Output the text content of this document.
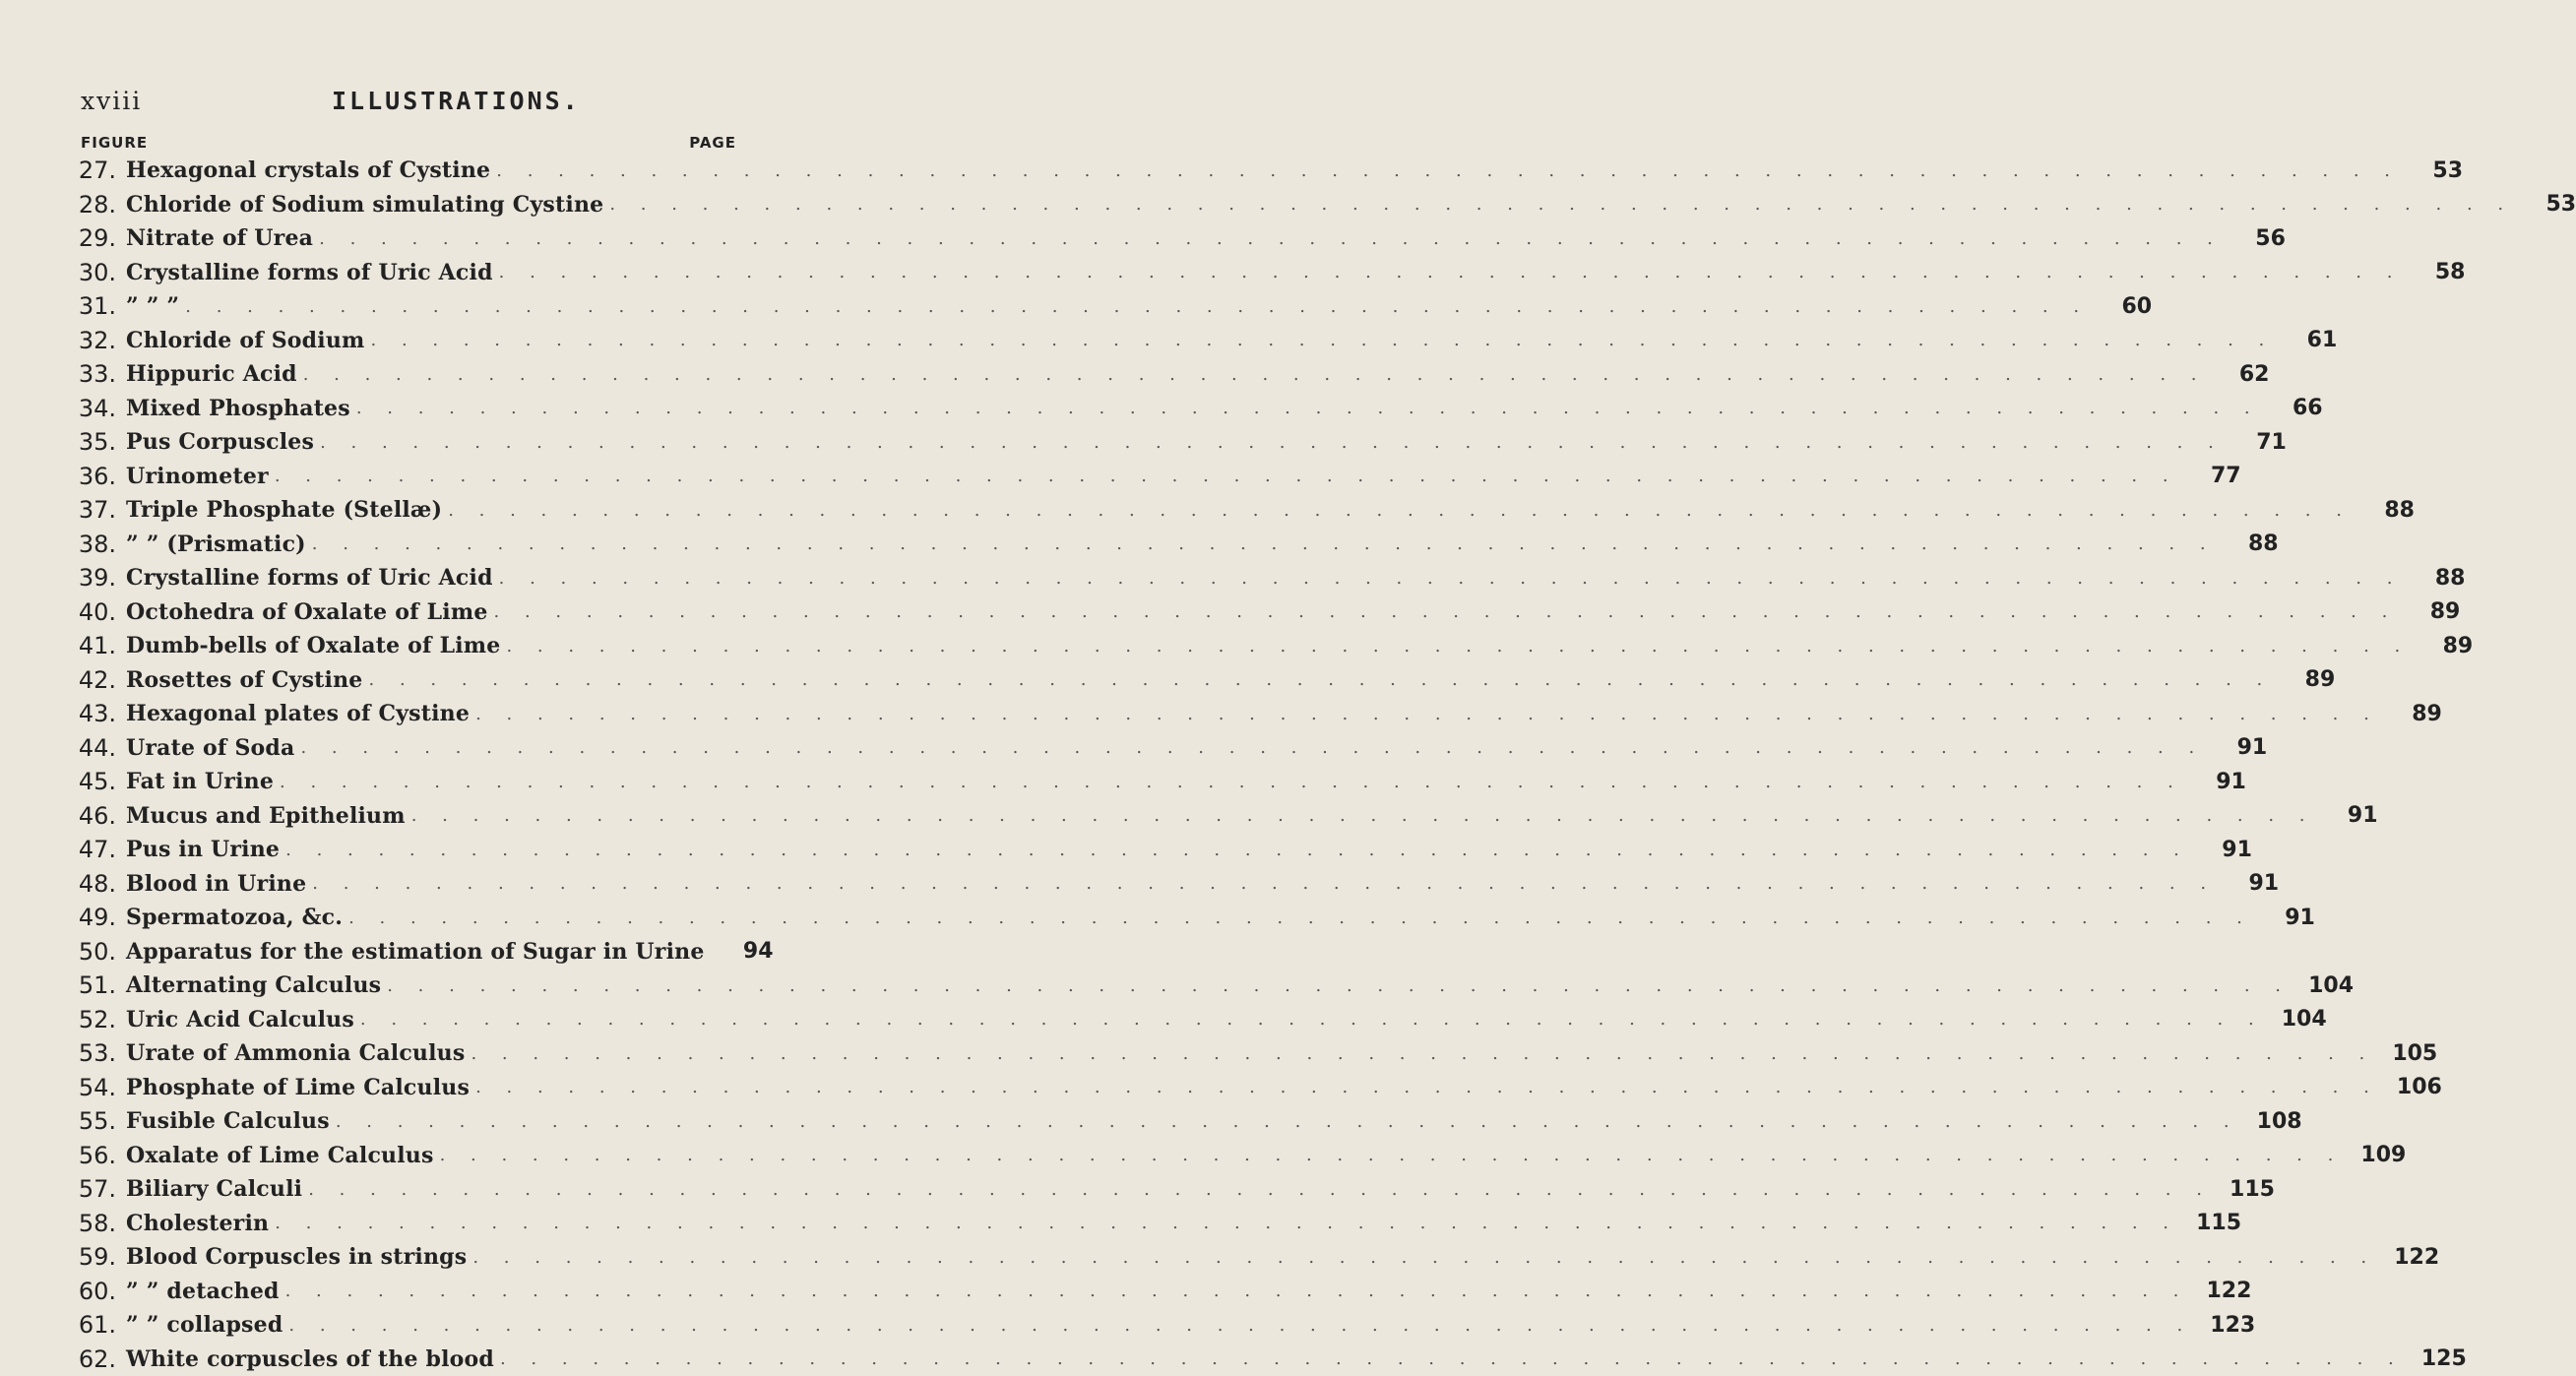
xviii	ILLUSTRATIONS.
FIGURE	PAGE
27. Hexagonal crystals of Cystine . . .	53
28. Chloride of Sodium simulating Cystine . . .	53
29. Nitrate of Urea . . .	56
30. Crystalline forms of Uric Acid . . .	58
31. ” ” ” . . .	60
32. Chloride of Sodium . . .	61
33. Hippuric Acid . . .	62
34. Mixed Phosphates . . .	66
35. Pus Corpuscles . . .	71
36. Urinometer . . .	77
37. Triple Phosphate (Stellæ) . . .	88
38. ” ” (Prismatic) . . .	88
39. Crystalline forms of Uric Acid . . .	88
40. Octohedra of Oxalate of Lime . . .	89
41. Dumb-bells of Oxalate of Lime . . .	89
42. Rosettes of Cystine . . .	89
43. Hexagonal plates of Cystine . . .	89
44. Urate of Soda . . .	91
45. Fat in Urine . . .	91
46. Mucus and Epithelium . . .	91
47. Pus in Urine . . .	91
48. Blood in Urine . . .	91
49. Spermatozoa, &c. . . .	91
50. Apparatus for the estimation of Sugar in Urine	94
51. Alternating Calculus . . .	104
52. Uric Acid Calculus . . .	104
53. Urate of Ammonia Calculus . . .	105
54. Phosphate of Lime Calculus . . .	106
55. Fusible Calculus . . .	108
56. Oxalate of Lime Calculus . . .	109
57. Biliary Calculi . . .	115
58. Cholesterin . . .	115
59. Blood Corpuscles in strings . . .	122
60. ” ” detached . . .	122
61. ” ” collapsed . . .	123
62. White corpuscles of the blood . . .	125
